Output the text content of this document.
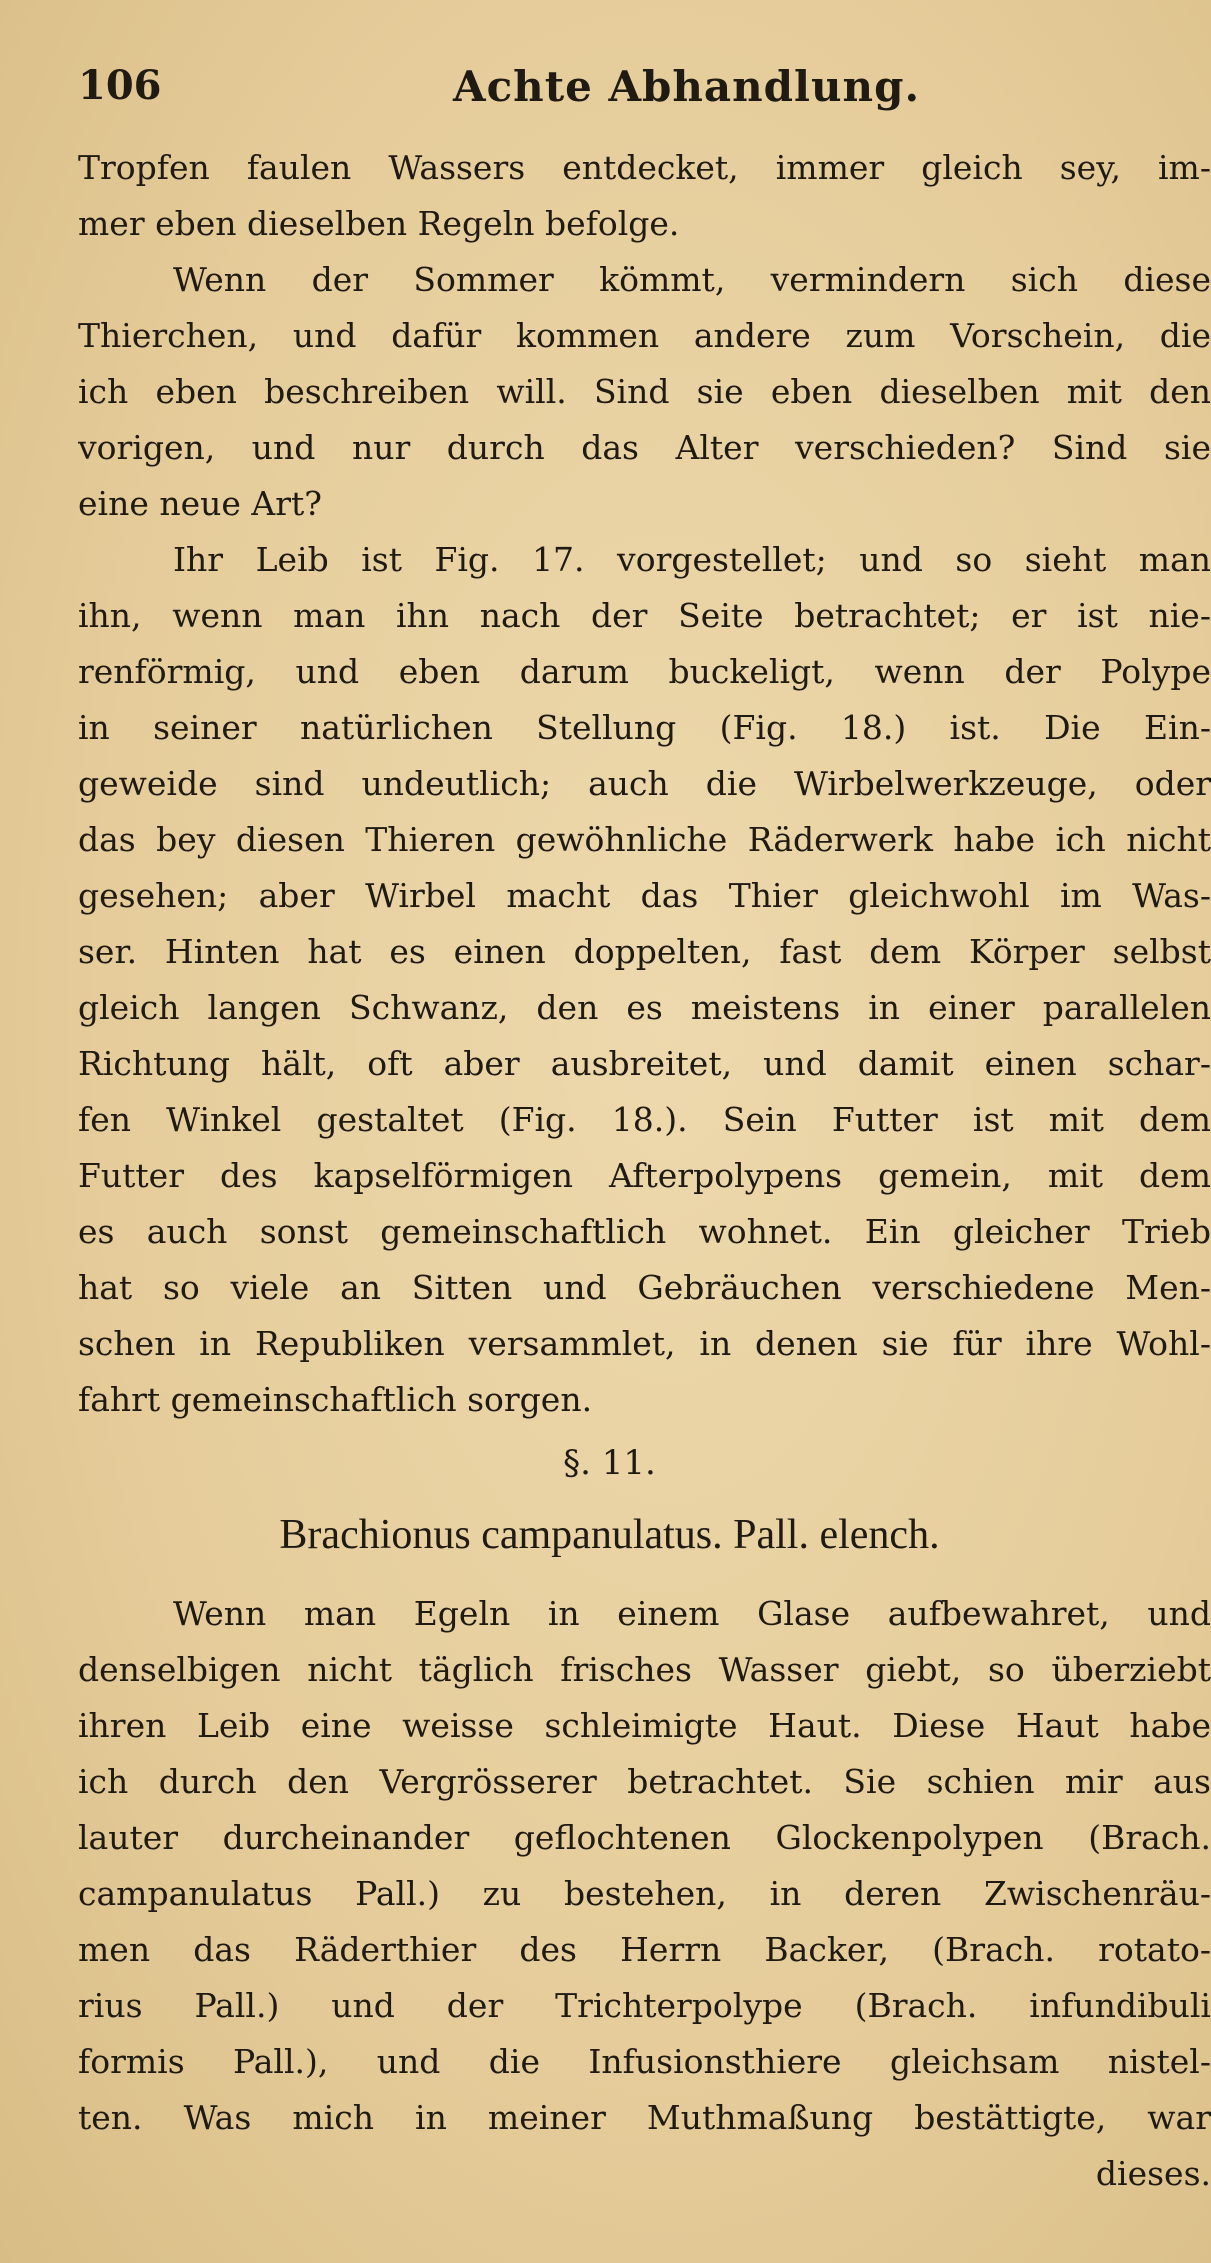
106	Achte Abhandlung.
Tropfen faulen Wassers entdecket, immer gleich sey, im-
mer eben dieselben Regeln befolge.
Wenn der Sommer kömmt, vermindern sich diese
Thierchen, und dafür kommen andere zum Vorschein, die
ich eben beschreiben will. Sind sie eben dieselben mit den
vorigen, und nur durch das Alter verschieden? Sind sie
eine neue Art?
Ihr Leib ist Fig. 17. vorgestellet; und so sieht man
ihn, wenn man ihn nach der Seite betrachtet; er ist nie-
renförmig, und eben darum buckeligt, wenn der Polype
in seiner natürlichen Stellung (Fig. 18.) ist. Die Ein-
geweide sind undeutlich; auch die Wirbelwerkzeuge, oder
das bey diesen Thieren gewöhnliche Räderwerk habe ich nicht
gesehen; aber Wirbel macht das Thier gleichwohl im Was-
ser. Hinten hat es einen doppelten, fast dem Körper selbst
gleich langen Schwanz, den es meistens in einer parallelen
Richtung hält, oft aber ausbreitet, und damit einen schar-
fen Winkel gestaltet (Fig. 18.). Sein Futter ist mit dem
Futter des kapselförmigen Afterpolypens gemein, mit dem
es auch sonst gemeinschaftlich wohnet. Ein gleicher Trieb
hat so viele an Sitten und Gebräuchen verschiedene Men-
schen in Republiken versammlet, in denen sie für ihre Wohl-
fahrt gemeinschaftlich sorgen.
§. 11.
Brachionus campanulatus. Pall. elench.
Wenn man Egeln in einem Glase aufbewahret, und
denselbigen nicht täglich frisches Wasser giebt, so überziebt
ihren Leib eine weisse schleimigte Haut. Diese Haut habe
ich durch den Vergrösserer betrachtet. Sie schien mir aus
lauter durcheinander geflochtenen Glockenpolypen (Brach.
campanulatus Pall.) zu bestehen, in deren Zwischenräu-
men das Räderthier des Herrn Backer, (Brach. rotato-
rius Pall.) und der Trichterpolype (Brach. infundibuli
formis Pall.), und die Infusionsthiere gleichsam nistel-
ten. Was mich in meiner Muthmaßung bestättigte, war
dieses.
